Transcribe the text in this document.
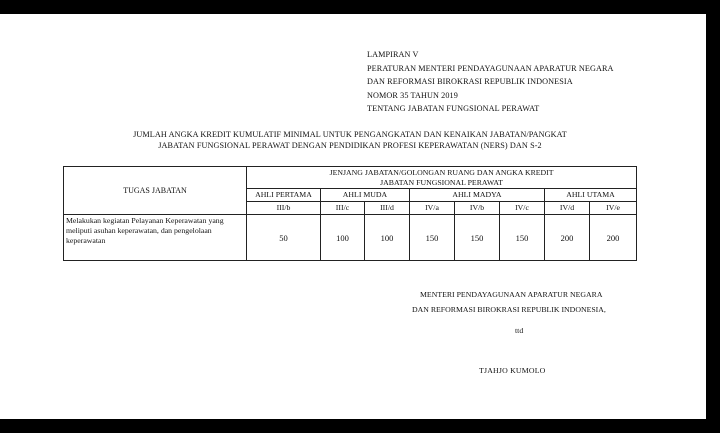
LAMPIRAN V
PERATURAN MENTERI PENDAYAGUNAAN APARATUR NEGARA
DAN REFORMASI BIROKRASI REPUBLIK INDONESIA
NOMOR 35 TAHUN 2019
TENTANG JABATAN FUNGSIONAL PERAWAT
JUMLAH ANGKA KREDIT KUMULATIF MINIMAL UNTUK PENGANGKATAN DAN KENAIKAN JABATAN/PANGKAT
JABATAN FUNGSIONAL PERAWAT DENGAN PENDIDIKAN PROFESI KEPERAWATAN (NERS) DAN S-2
TUGAS JABATAN	JENJANG JABATAN/GOLONGAN RUANG DAN ANGKA KREDIT
JABATAN FUNGSIONAL PERAWAT							

	AHLI PERTAMA	AHLI MUDA		AHLI MADYA			AHLI UTAMA	
	III/b	III/c	III/d	IV/a	IV/b	IV/c	IV/d	IV/e
Melakukan kegiatan Pelayanan Keperawatan yang meliputi asuhan keperawatan, dan pengelolaan keperawatan	50	100	100	150	150	150	200	200
MENTERI PENDAYAGUNAAN APARATUR NEGARA
DAN REFORMASI BIROKRASI REPUBLIK INDONESIA,
ttd
TJAHJO KUMOLO
